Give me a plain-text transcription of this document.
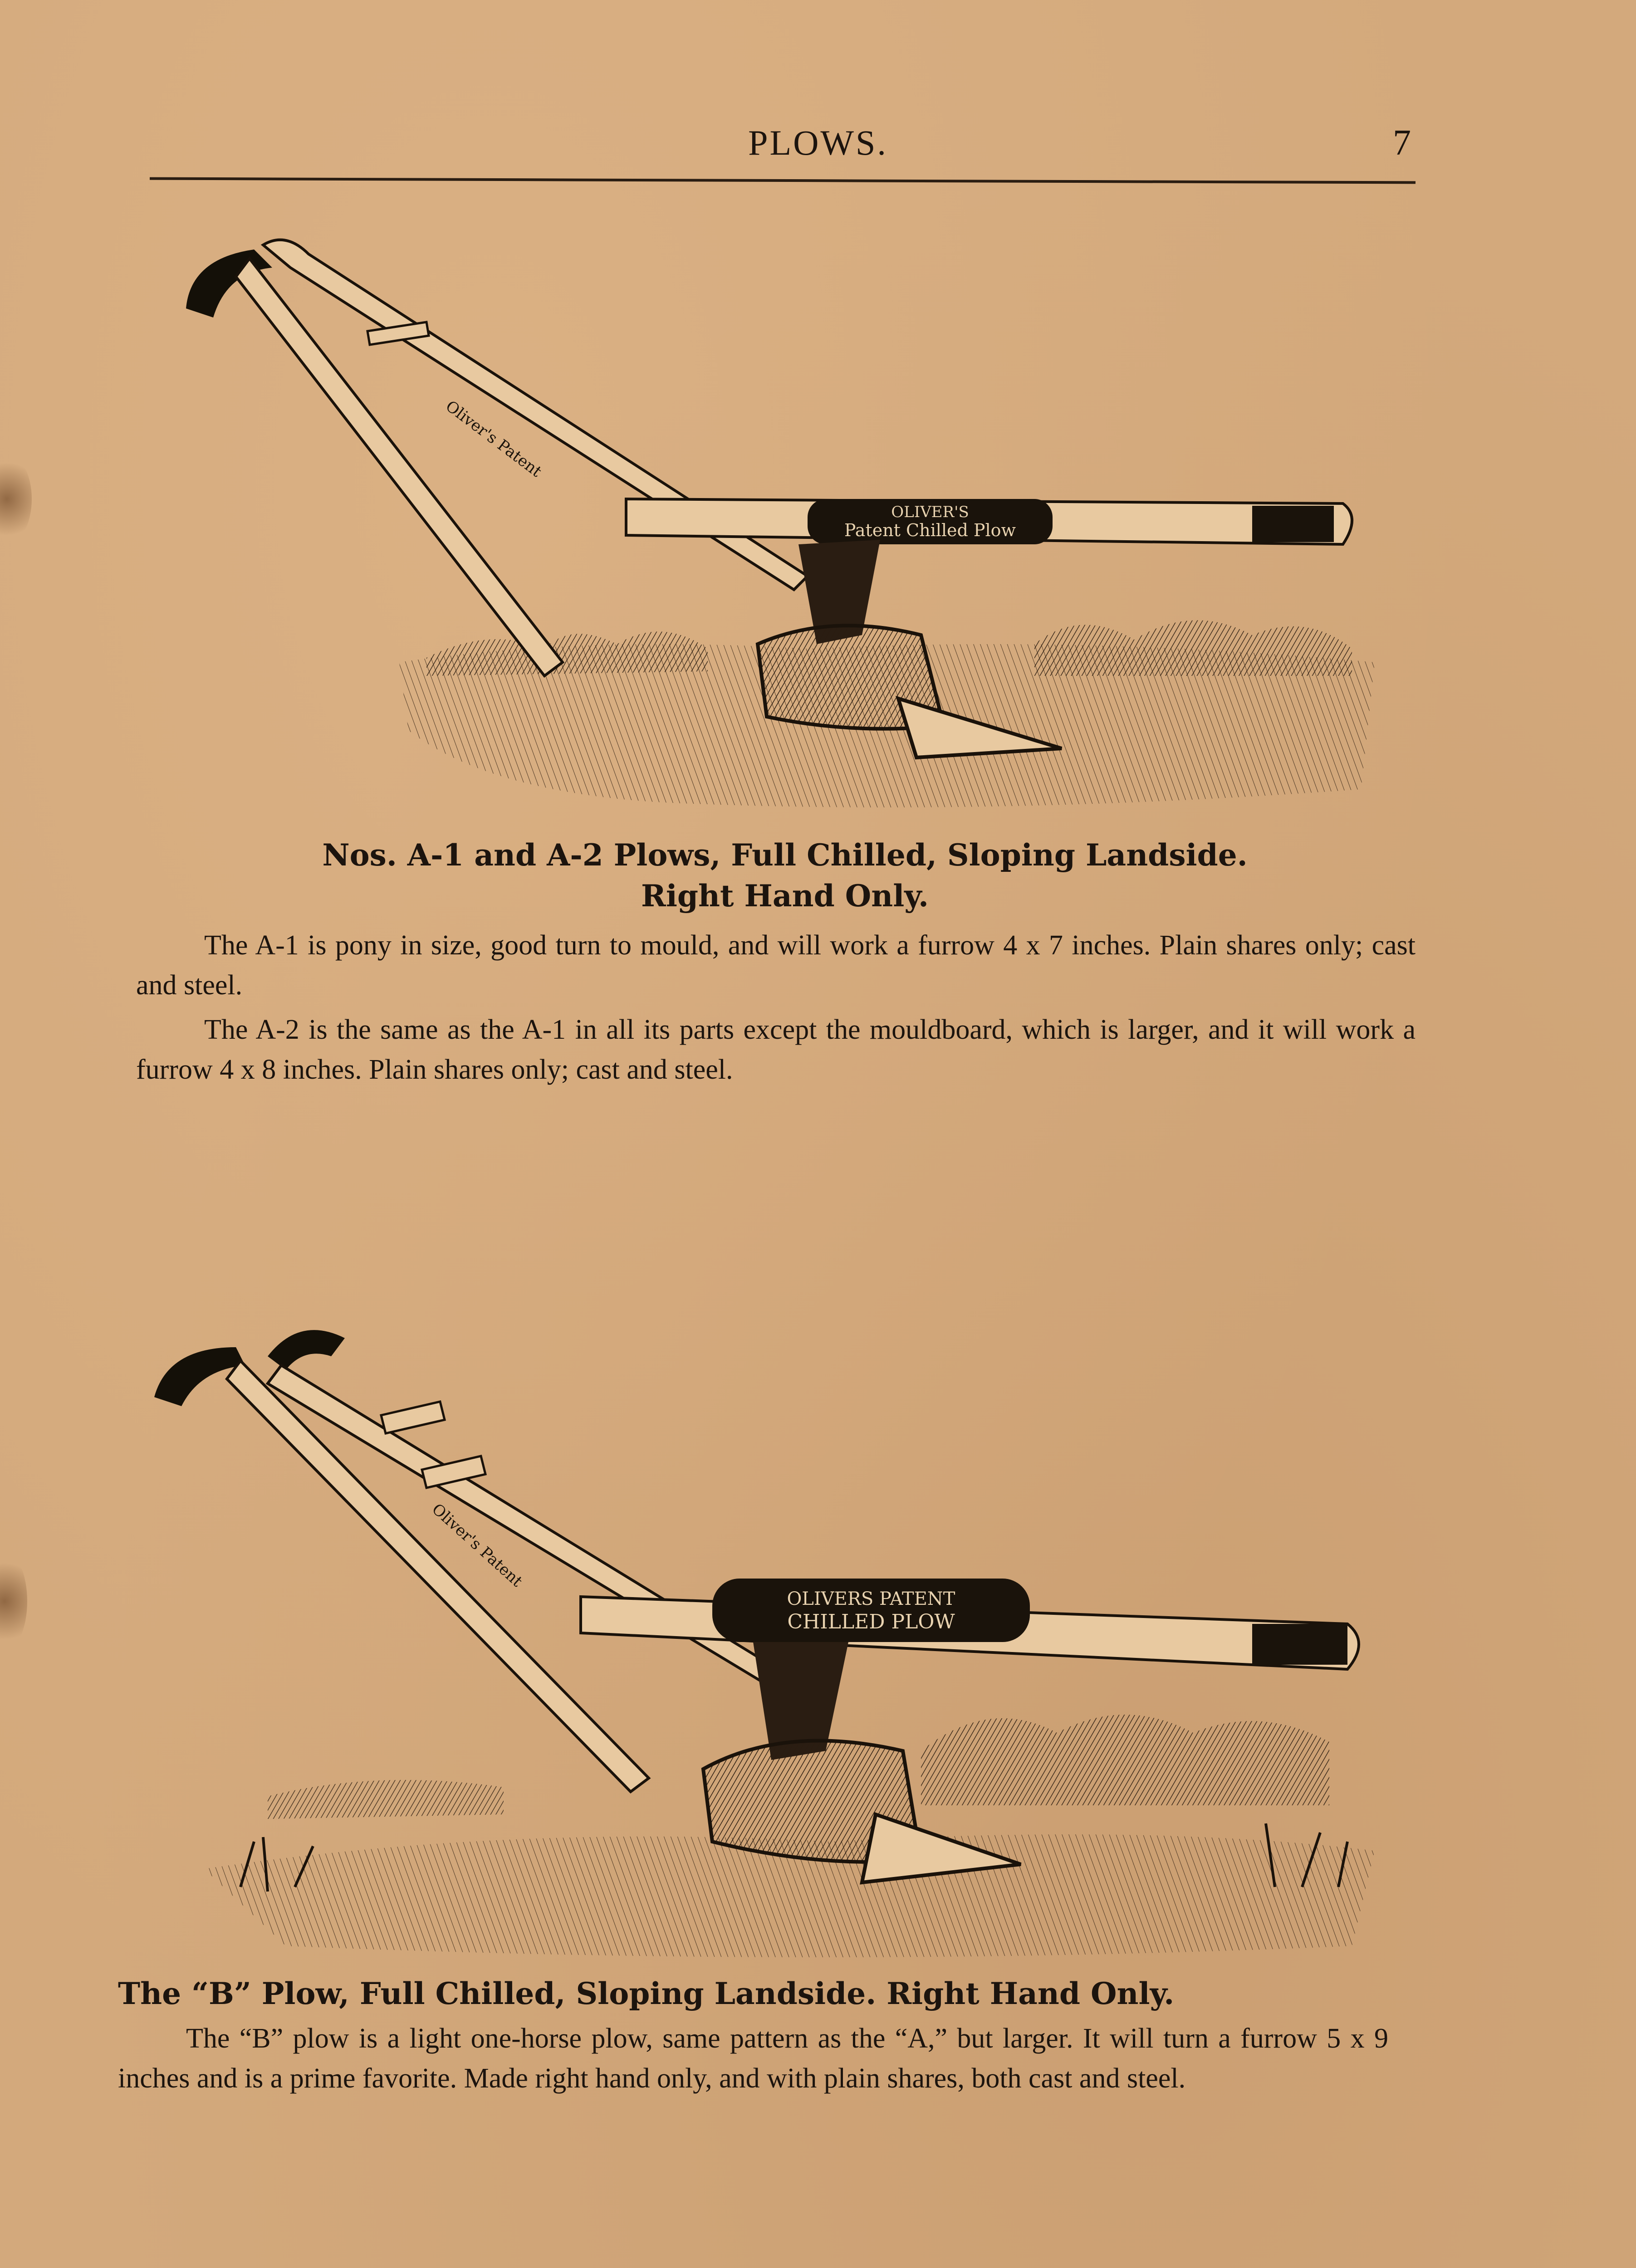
PLOWS.	7
OLIVER'S
Patent Chilled Plow
Oliver's Patent
Nos. A-1 and A-2 Plows, Full Chilled, Sloping Landside.
Right Hand Only.

The A-1 is pony in size, good turn to mould, and will work a furrow 4 x 7 inches. Plain shares only; cast and steel.

The A-2 is the same as the A-1 in all its parts except the mouldboard, which is larger, and it will work a furrow 4 x 8 inches. Plain shares only; cast and steel.

OLIVERS PATENT
CHILLED PLOW
Oliver's Patent
The “B” Plow, Full Chilled, Sloping Landside. Right Hand Only.

The “B” plow is a light one-horse plow, same pattern as the “A,” but larger. It will turn a furrow 5 x 9 inches and is a prime favorite. Made right hand only, and with plain shares, both cast and steel.
